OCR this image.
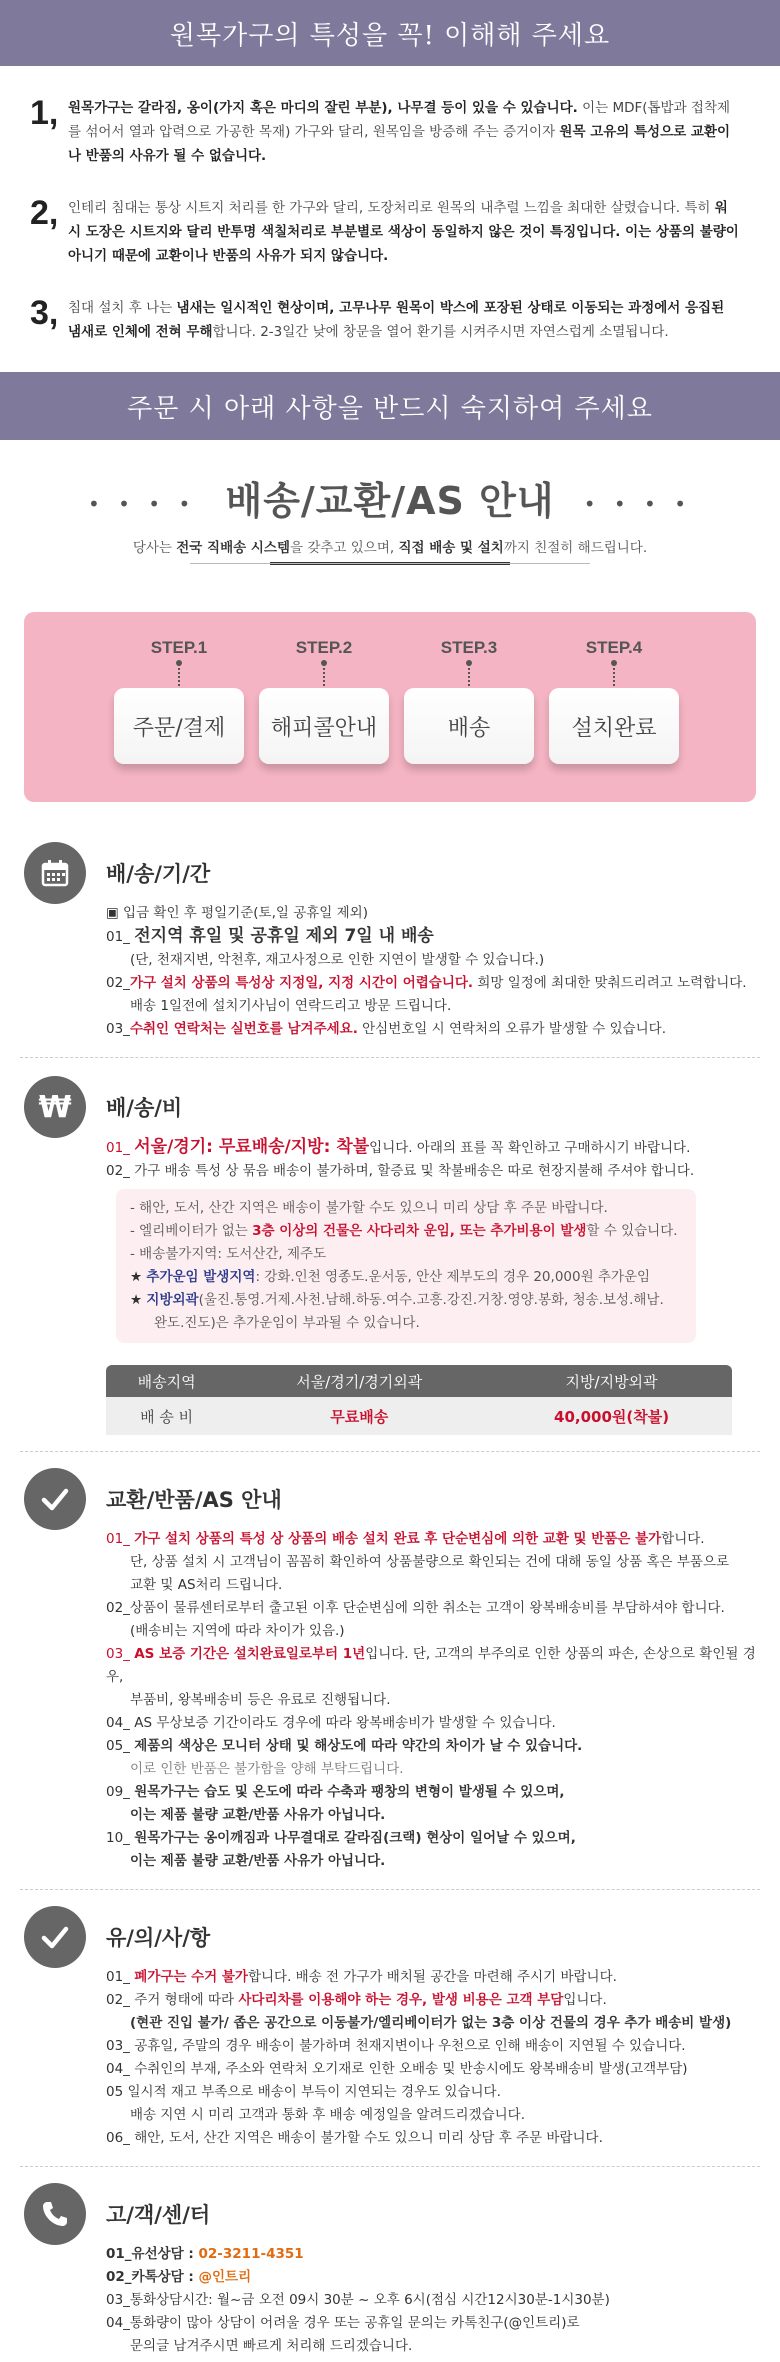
원목가구의 특성을 꼭! 이해해 주세요
1, 원목가구는 갈라짐, 옹이(가지 혹은 마디의 잘린 부분), 나무결 등이 있을 수 있습니다. 이는 MDF(톱밥과 접착제를 섞어서 열과 압력으로 가공한 목재) 가구와 달리, 원목임을 방증해 주는 증거이자 원목 고유의 특성으로 교환이나 반품의 사유가 될 수 없습니다.
2, 인테리 침대는 통상 시트지 처리를 한 가구와 달리, 도장처리로 원목의 내추럴 느낌을 최대한 살렸습니다. 특히 워시 도장은 시트지와 달리 반투명 색칠처리로 부분별로 색상이 동일하지 않은 것이 특징입니다. 이는 상품의 불량이 아니기 때문에 교환이나 반품의 사유가 되지 않습니다.
3, 침대 설치 후 나는 냄새는 일시적인 현상이며, 고무나무 원목이 박스에 포장된 상태로 이동되는 과정에서 응집된 냄새로 인체에 전혀 무해합니다. 2-3일간 낮에 창문을 열어 환기를 시켜주시면 자연스럽게 소멸됩니다.
주문 시 아래 사항을 반드시 숙지하여 주세요
• • • • 배송/교환/AS 안내 • • • •
당사는 전국 직배송 시스템을 갖추고 있으며, 직접 배송 및 설치까지 친절히 해드립니다.
STEP.1
주문/결제
STEP.2
해피콜안내
STEP.3
배송
STEP.4
설치완료
배/송/기/간
▣ 입금 확인 후 평일기준(토,일 공휴일 제외)
01_ 전지역 휴일 및 공휴일 제외 7일 내 배송
(단, 천재지변, 악천후, 재고사정으로 인한 지연이 발생할 수 있습니다.)
02_가구 설치 상품의 특성상 지정일, 지정 시간이 어렵습니다. 희망 일정에 최대한 맞춰드리려고 노력합니다.
배송 1일전에 설치기사님이 연락드리고 방문 드립니다.
03_수취인 연락처는 실번호를 남겨주세요. 안심번호일 시 연락처의 오류가 발생할 수 있습니다.
₩ 배/송/비
01_ 서울/경기: 무료배송/지방: 착불입니다. 아래의 표를 꼭 확인하고 구매하시기 바랍니다.
02_ 가구 배송 특성 상 묶음 배송이 불가하며, 할증료 및 착불배송은 따로 현장지불해 주셔야 합니다.
- 해안, 도서, 산간 지역은 배송이 불가할 수도 있으니 미리 상담 후 주문 바랍니다.
- 엘리베이터가 없는 3층 이상의 건물은 사다리차 운임, 또는 추가비용이 발생할 수 있습니다.
- 배송불가지역: 도서산간, 제주도
★ 추가운임 발생지역: 강화.인천 영종도.운서동, 안산 제부도의 경우 20,000원 추가운임
★ 지방외곽(울진.통영.거제.사천.남해.하동.여수.고흥.강진.거창.영양.봉화, 청송.보성.해남.
완도.진도)은 추가운임이 부과될 수 있습니다.
배송지역	서울/경기/경기외곽	지방/지방외곽
배 송 비	무료배송	40,000원(착불)
교환/반품/AS 안내
01_ 가구 설치 상품의 특성 상 상품의 배송 설치 완료 후 단순변심에 의한 교환 및 반품은 불가합니다.
단, 상품 설치 시 고객님이 꼼꼼히 확인하여 상품불량으로 확인되는 건에 대해 동일 상품 혹은 부품으로
교환 및 AS처리 드립니다.
02_상품이 물류센터로부터 출고된 이후 단순변심에 의한 취소는 고객이 왕복배송비를 부담하셔야 합니다.
(배송비는 지역에 따라 차이가 있음.)
03_ AS 보증 기간은 설치완료일로부터 1년입니다. 단, 고객의 부주의로 인한 상품의 파손, 손상으로 확인될 경우,
부품비, 왕복배송비 등은 유료로 진행됩니다.
04_ AS 무상보증 기간이라도 경우에 따라 왕복배송비가 발생할 수 있습니다.
05_ 제품의 색상은 모니터 상태 및 해상도에 따라 약간의 차이가 날 수 있습니다.
이로 인한 반품은 불가함을 양해 부탁드립니다.
09_ 원목가구는 습도 및 온도에 따라 수축과 팽창의 변형이 발생될 수 있으며,
이는 제품 불량 교환/반품 사유가 아닙니다.
10_ 원목가구는 옹이깨짐과 나무결대로 갈라짐(크랙) 현상이 일어날 수 있으며,
이는 제품 불량 교환/반품 사유가 아닙니다.
유/의/사/항
01_ 폐가구는 수거 불가합니다. 배송 전 가구가 배치될 공간을 마련해 주시기 바랍니다.
02_ 주거 형태에 따라 사다리차를 이용해야 하는 경우, 발생 비용은 고객 부담입니다.
(현관 진입 불가/ 좁은 공간으로 이동불가/엘리베이터가 없는 3층 이상 건물의 경우 추가 배송비 발생)
03_ 공휴일, 주말의 경우 배송이 불가하며 천재지변이나 우천으로 인해 배송이 지연될 수 있습니다.
04_ 수취인의 부재, 주소와 연락처 오기재로 인한 오배송 및 반송시에도 왕복배송비 발생(고객부담)
05 일시적 재고 부족으로 배송이 부득이 지연되는 경우도 있습니다.
배송 지연 시 미리 고객과 통화 후 배송 예정일을 알려드리겠습니다.
06_ 해안, 도서, 산간 지역은 배송이 불가할 수도 있으니 미리 상담 후 주문 바랍니다.
고/객/센/터
01_유선상담 : 02-3211-4351
02_카톡상담 : @인트리
03_통화상담시간: 월~금 오전 09시 30분 ~ 오후 6시(점심 시간12시30분-1시30분)
04_통화량이 많아 상담이 어려울 경우 또는 공휴일 문의는 카톡친구(@인트리)로
문의글 남겨주시면 빠르게 처리해 드리겠습니다.
